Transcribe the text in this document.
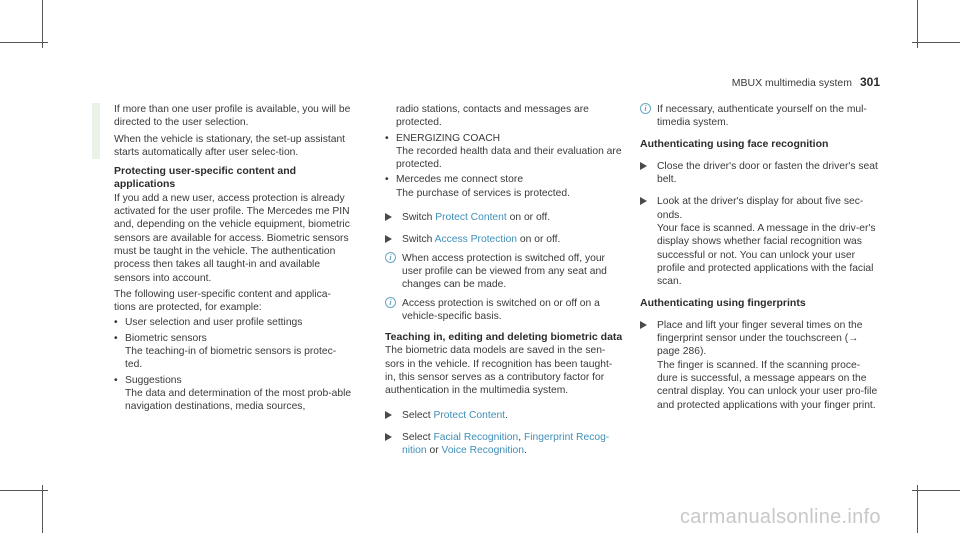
MBUX multimedia system 301

If more than one user profile is available, you will be directed to the user selection.

When the vehicle is stationary, the set-up assistant starts automatically after user selec-tion.

Protecting user-specific content and applications

If you add a new user, access protection is already activated for the user profile. The Mercedes me PIN and, depending on the vehicle equipment, biometric sensors are available for access. Biometric sensors must be taught in the vehicle. The authentication process then takes all taught-in and available sensors into account.

The following user-specific content and applica-tions are protected, for example:

• User selection and user profile settings
• Biometric sensors

The teaching-in of biometric sensors is protec-ted.

• Suggestions

The data and determination of the most prob-able navigation destinations, media sources,

radio stations, contacts and messages are protected.

• ENERGIZING COACH

The recorded health data and their evaluation are protected.

• Mercedes me connect store

The purchase of services is protected.

Switch Protect Content on or off.
Switch Access Protection on or off.
i	When access protection is switched off, your user profile can be viewed from any seat and changes can be made.
i	Access protection is switched on or off on a vehicle-specific basis.
Teaching in, editing and deleting biometric data

The biometric data models are saved in the sen-sors in the vehicle. If recognition has been taught-in, this sensor serves as a contributory factor for authentication in the multimedia system.

Select Protect Content.
Select Facial Recognition, Fingerprint Recog-nition or Voice Recognition.
i	If necessary, authenticate yourself on the mul-timedia system.
Authenticating using face recognition
Close the driver's door or fasten the driver's seat belt.
Look at the driver's display for about five sec-onds.

Your face is scanned. A message in the driv-er's display shows whether facial recognition was successful or not. You can unlock your user profile and protected applications with the facial scan.

Authenticating using fingerprints
Place and lift your finger several times on the fingerprint sensor under the touchscreen (→ page 286).

The finger is scanned. If the scanning proce-dure is successful, a message appears on the central display. You can unlock your user pro-file and protected applications with your finger print.

carmanualsonline.info
